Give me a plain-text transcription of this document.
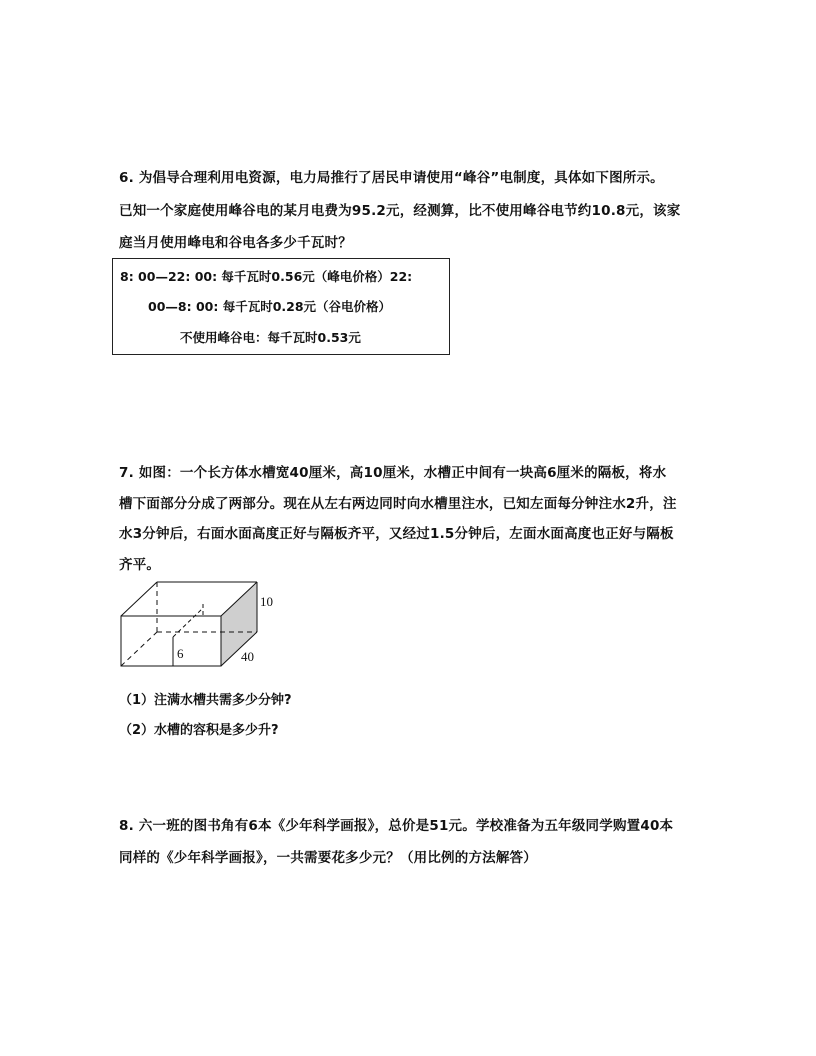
6. 为倡导合理利用电资源，电力局推行了居民申请使用“峰谷”电制度，具体如下图所示。
已知一个家庭使用峰谷电的某月电费为95.2元，经测算，比不使用峰谷电节约10.8元，该家
庭当月使用峰电和谷电各多少千瓦时？
8: 00—22: 00: 每千瓦时0.56元（峰电价格）22:
00—8: 00: 每千瓦时0.28元（谷电价格）
不使用峰谷电：每千瓦时0.53元
7. 如图：一个长方体水槽宽40厘米，高10厘米，水槽正中间有一块高6厘米的隔板，将水
槽下面部分分成了两部分。现在从左右两边同时向水槽里注水，已知左面每分钟注水2升，注
水3分钟后，右面水面高度正好与隔板齐平，又经过1.5分钟后，左面水面高度也正好与隔板
齐平。
10
40
6
（1）注满水槽共需多少分钟?
（2）水槽的容积是多少升?
8. 六一班的图书角有6本《少年科学画报》，总价是51元。学校准备为五年级同学购置40本
同样的《少年科学画报》，一共需要花多少元？（用比例的方法解答）
